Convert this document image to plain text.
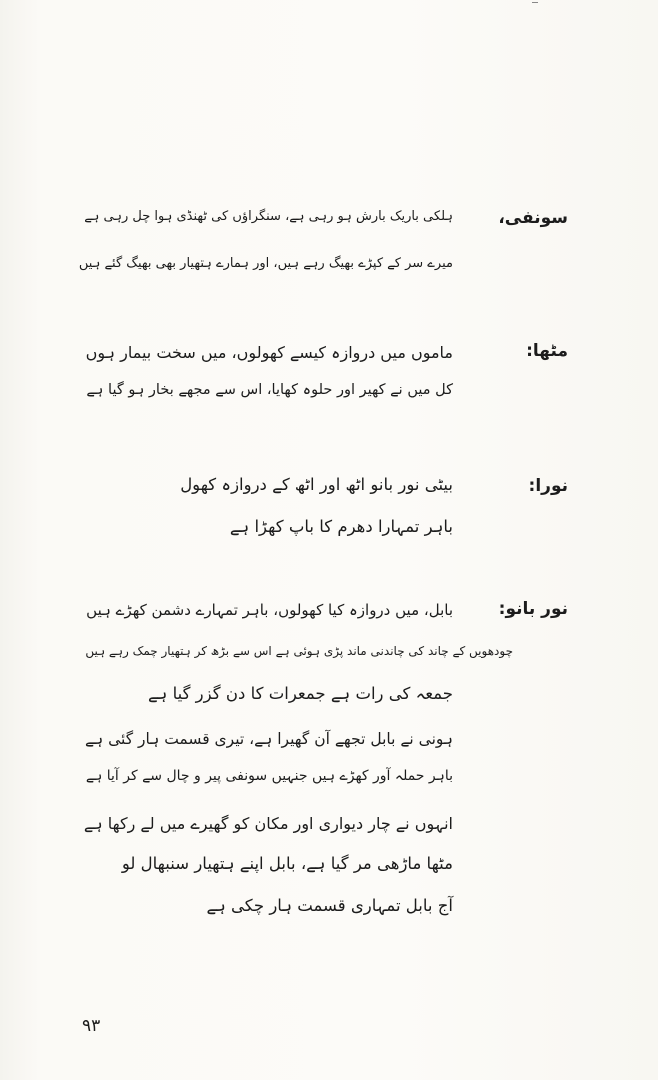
سونفی،
ہلکی باریک بارش ہو رہی ہے، سنگراؤں کی ٹھنڈی ہوا چل رہی ہے
میرے سر کے کپڑے بھیگ رہے ہیں، اور ہمارے ہتھیار بھی بھیگ گئے ہیں
مٹھا:
ماموں میں دروازہ کیسے کھولوں، میں سخت بیمار ہوں
کل میں نے کھیر اور حلوہ کھایا، اس سے مجھے بخار ہو گیا ہے
نورا:
بیٹی نور بانو اٹھ اور اٹھ کے دروازہ کھول
باہر تمہارا دھرم کا باپ کھڑا ہے
نور بانو:
بابل، میں دروازہ کیا کھولوں، باہر تمہارے دشمن کھڑے ہیں
چودھویں کے چاند کی چاندنی ماند پڑی ہوئی ہے اس سے بڑھ کر ہتھیار چمک رہے ہیں
جمعہ کی رات ہے جمعرات کا دن گزر گیا ہے
ہونی نے بابل تجھے آن گھیرا ہے، تیری قسمت ہار گئی ہے
باہر حملہ آور کھڑے ہیں جنہیں سونفی پیر و چال سے کر آیا ہے
انہوں نے چار دیواری اور مکان کو گھیرے میں لے رکھا ہے
مٹھا ماڑھی مر گیا ہے، بابل اپنے ہتھیار سنبھال لو
آج بابل تمہاری قسمت ہار چکی ہے
۹۳
